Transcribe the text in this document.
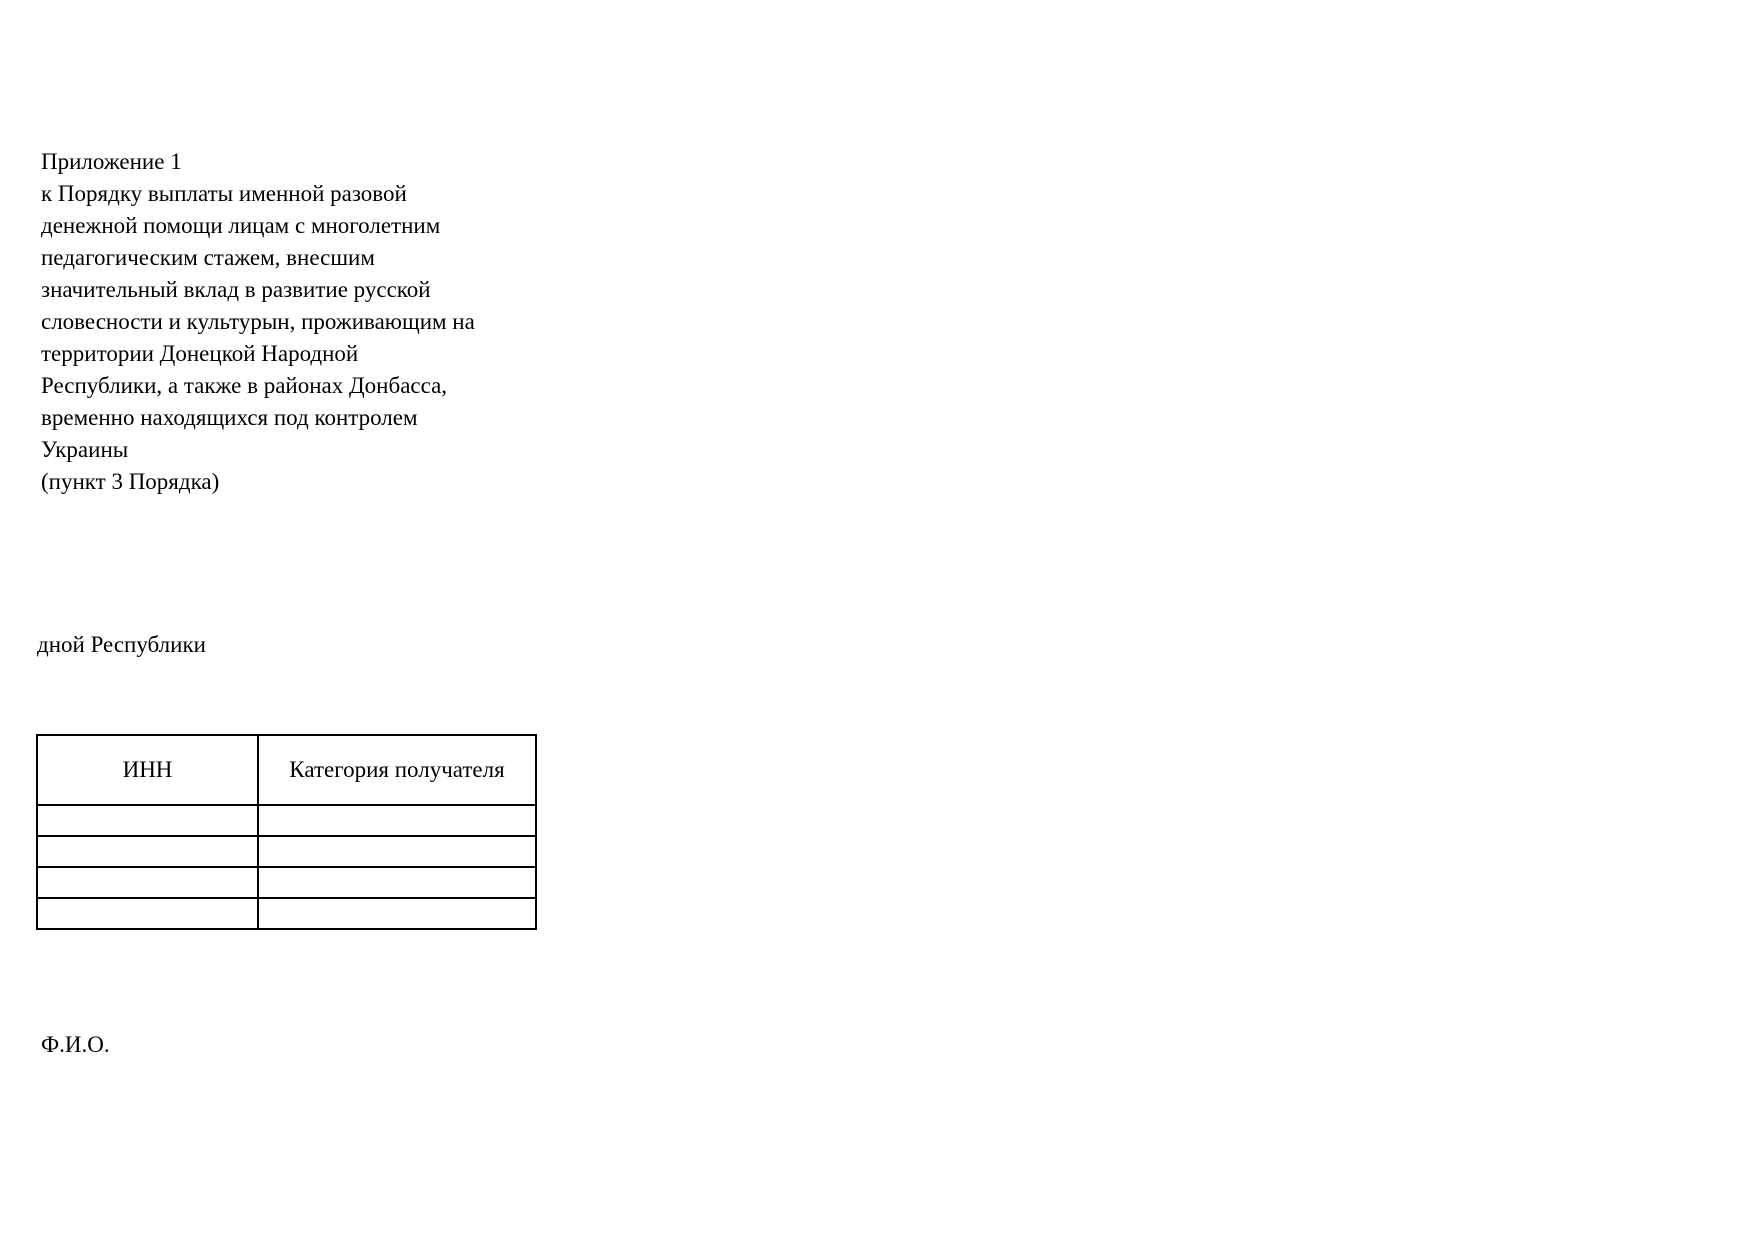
Приложение 1
к Порядку выплаты именной разовой
денежной помощи лицам с многолетним
педагогическим стажем, внесшим
значительный вклад в развитие русской
словесности и культурын, проживающим на
территории Донецкой Народной
Республики, а также в районах Донбасса,
временно находящихся под контролем
Украины
(пункт 3 Порядка)
дной Республики
ИНН	Категория получателя

Ф.И.О.
